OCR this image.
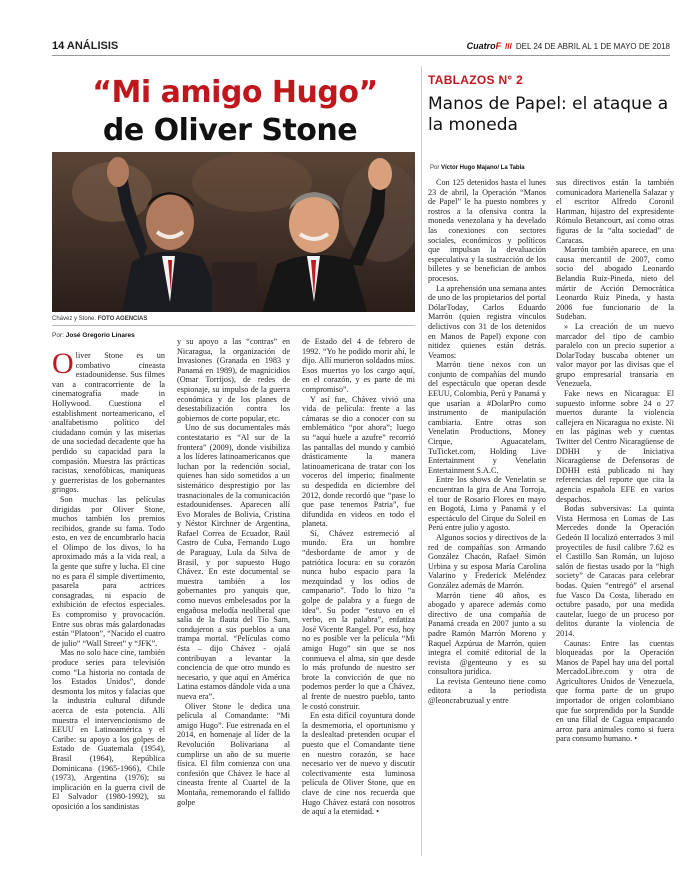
14 ANÁLISIS	CuatroF /// DEL 24 DE ABRIL AL 1 DE MAYO DE 2018
“Mi amigo Hugo”
de Oliver Stone
Chávez y Stone. FOTO AGENCIAS
Por: José Gregorio Linares
O liver Stone es un combativo cineasta estadounidense. Sus filmes van a contracorriente de la cinematografía made in Hollywood. Cuestiona el establishment norteamericano, el analfabetismo político del ciudadano común y las miserias de una sociedad decadente que ha perdido su capacidad para la compasión. Muestra las prácticas racistas, xenofóbicas, maniqueas y guerreristas de los gobernantes gringos.

Son muchas las películas dirigidas por Oliver Stone, muchos también los premios recibidos, grande su fama. Todo esto, en vez de encumbrarlo hacia el Olimpo de los divos, lo ha aproximado más a la vida real, a la gente que sufre y lucha. El cine no es para él simple divertimento, pasarela para actrices consagradas, ni espacio de exhibición de efectos especiales. Es compromiso y provocación. Entre sus obras más galardonadas están “Platoon”, “Nacido el cuatro de julio” “Wall Street” y “JFK”.

Mas no solo hace cine, también produce series para televisión como “La historia no contada de los Estados Unidos”, donde desmonta los mitos y falacias que la industria cultural difunde acerca de esta potencia. Allí muestra el intervencionismo de EEUU en Latinoamérica y el Caribe: su apoyo a los golpes de Estado de Guatemala (1954), Brasil (1964), República Dominicana (1965-1966), Chile (1973), Argentina (1976); su implicación en la guerra civil de El Salvador (1980-1992), su oposición a los sandinistas

y su apoyo a las “contras” en Nicaragua, la organización de Invasiones (Granada en 1983 y Panamá en 1989), de magnicidios (Omar Torrijos), de redes de espionaje, su impulso de la guerra económica y de los planes de desestabilización contra los gobiernos de corte popular, etc.

Uno de sus documentales más contestatario es “Al sur de la frontera” (2009), donde visibiliza a los líderes latinoamericanos que luchan por la redención social, quienes han sido sometidos a un sistemático desprestigio por las trasnacionales de la comunicación estadounidenses. Aparecen allí Evo Morales de Bolivia, Cristina y Néstor Kirchner de Argentina, Rafael Correa de Ecuador, Raúl Castro de Cuba, Fernando Lugo de Paraguay, Lula da Silva de Brasil, y por supuesto Hugo Chávez. En este documental se muestra también a los gobernantes pro yanquis que, como nuevos embelesados por la engañosa melodía neoliberal que salía de la flauta del Tío Sam, condujeron a sus pueblos a una trampa mortal. “Películas como ésta – dijo Chávez - ojalá contribuyan a levantar la conciencia de que otro mundo es necesario, y que aquí en América Latina estamos dándole vida a una nueva era”.

Oliver Stone le dedica una película al Comandante: “Mi amigo Hugo”. Fue estrenada en el 2014, en homenaje al líder de la Revolución Bolivariana al cumplirse un año de su muerte física. El film comienza con una confesión que Chávez le hace al cineasta frente al Cuartel de la Montaña, rememorando el fallido golpe

de Estado del 4 de febrero de 1992. “Yo he podido morir ahí, le dijo. Allí murieron soldados míos. Esos muertos yo los cargo aquí, en el corazón, y es parte de mi compromiso”.

Y así fue, Chávez vivió una vida de película: frente a las cámaras se dio a conocer con su emblemático “por ahora”; luego su “aquí huele a azufre” recorrió las pantallas del mundo y cambió drásticamente la manera latinoamericana de tratar con los voceros del imperio; finalmente su despedida en diciembre del 2012, donde recordó que “pase lo que pase tenemos Patria”, fue difundida en videos en todo el planeta.

Sí, Chávez estremeció al mundo. Era un hombre “desbordante de amor y de patriótica locura: en su corazón nunca hubo espacio para la mezquindad y los odios de campanario”. Todo lo hizo “a golpe de palabra y a fuego de idea”. Su poder “estuvo en el verbo, en la palabra”, enfatiza José Vicente Rangel. Por eso, hoy no es posible ver la película “Mi amigo Hugo” sin que se nos conmueva el alma, sin que desde lo más profundo de nuestro ser brote la convicción de que no podemos perder lo que a Chávez, al frente de nuestro pueblo, tanto le costó construir.

En esta difícil coyuntura donde la desmemoria, el oportunismo y la deslealtad pretenden ocupar el puesto que el Comandante tiene en nuestro corazón, se hace necesario ver de nuevo y discutir colectivamente esta luminosa película de Oliver Stone, que en clave de cine nos recuerda que Hugo Chávez estará con nosotros de aquí a la eternidad. •

TABLAZOS N° 2
Manos de Papel: el ataque a la moneda
Por Víctor Hugo Majano/ La Tabla

Con 125 detenidos hasta el lunes 23 de abril, la Operación “Manos de Papel” le ha puesto nombres y rostros a la ofensiva contra la moneda venezolana y ha develado las conexiones con sectores sociales, económicos y políticos que impulsan la devaluación especulativa y la sustracción de los billetes y se benefician de ambos procesos.

La aprehensión una semana antes de uno de los propietarios del portal DólarToday, Carlos Eduardo Marrón (quien registra vínculos delictivos con 31 de los detenidos en Manos de Papel) expone con nitidez quienes están detrás. Veamos:

Marrón tiene nexos con un conjunto de compañías del mundo del espectáculo que operan desde EEUU, Colombia, Perú y Panamá y que usarían a #DolarPro como instrumento de manipulación cambiaria. Entre otras son Venelatin Productions, Money Cirque, Aguacatelam, TuTicket.com, Holding Live Entertainment y Venelatin Entertainment S.A.C.

Entre los shows de Venelatin se encuentran la gira de Ana Torroja, el tour de Rosario Flores en mayo en Bogotá, Lima y Panamá y el espectáculo del Cirque du Soleil en Perú entre julio y agosto.

Algunos socios y directivos de la red de compañías son Armando González Chacón, Rafael Simón Urbina y su esposa María Carolina Valarino y Frederick Meléndez González además de Marrón.

Marrón tiene 40 años, es abogado y aparece además como directivo de una compañía de Panamá creada en 2007 junto a su padre Ramón Marrón Moreno y Raquel Azpúrua de Marrón, quien integra el comité editorial de la revista @genteuno y es su consultora jurídica.

La revista Genteuno tiene como editora a la periodista @leoncrabruzual y entre

sus directivos están la también comunicadora Marienella Salazar y el escritor Alfredo Coronil Hartman, hijastro del expresidente Rómulo Betancourt, así como otras figuras de la “alta sociedad” de Caracas.

Marrón también aparece, en una causa mercantil de 2007, como socio del abogado Leonardo Belandia Ruiz-Pineda, nieto del mártir de Acción Democrática Leonardo Ruiz Pineda, y hasta 2006 fue funcionario de la Sudeban.

» La creación de un nuevo marcador del tipo de cambio paralelo con un precio superior a DolarToday buscaba obtener un valor mayor por las divisas que el grupo empresarial transaría en Venezuela.

Fake news en Nicaragua: El supuesto informe sobre 24 o 27 muertos durante la violencia callejera en Nicaragua no existe. Ni en las páginas web y cuentas Twitter del Centro Nicaragüense de DDHH y de Iniciativa Nicaragüense de Defensoras de DDHH está publicado ni hay referencias del reporte que cita la agencia española EFE en varios despachos.

Bodas subversivas: La quinta Vista Hermosa en Lomas de Las Mercedes donde la Operación Gedeón II localizó enterrados 3 mil proyectiles de fusil calibre 7.62 es el Castillo San Román, un lujoso salón de fiestas usado por la “high society” de Caracas para celebrar bodas. Quien “entregó” el arsenal fue Vasco Da Costa, liberado en octubre pasado, por una medida cautelar, luego de un proceso por delitos durante la violencia de 2014.

Caunas: Entre las cuentas bloqueadas por la Operación Manos de Papel hay una del portal MercadoLibre.com y otra de Agricultores Unidos de Venezuela, que forma parte de un grupo importador de origen colombiano que fue sorprendido por la Sundde en una filial de Cagua empacando arroz para animales como si fuera para consumo humano. •
